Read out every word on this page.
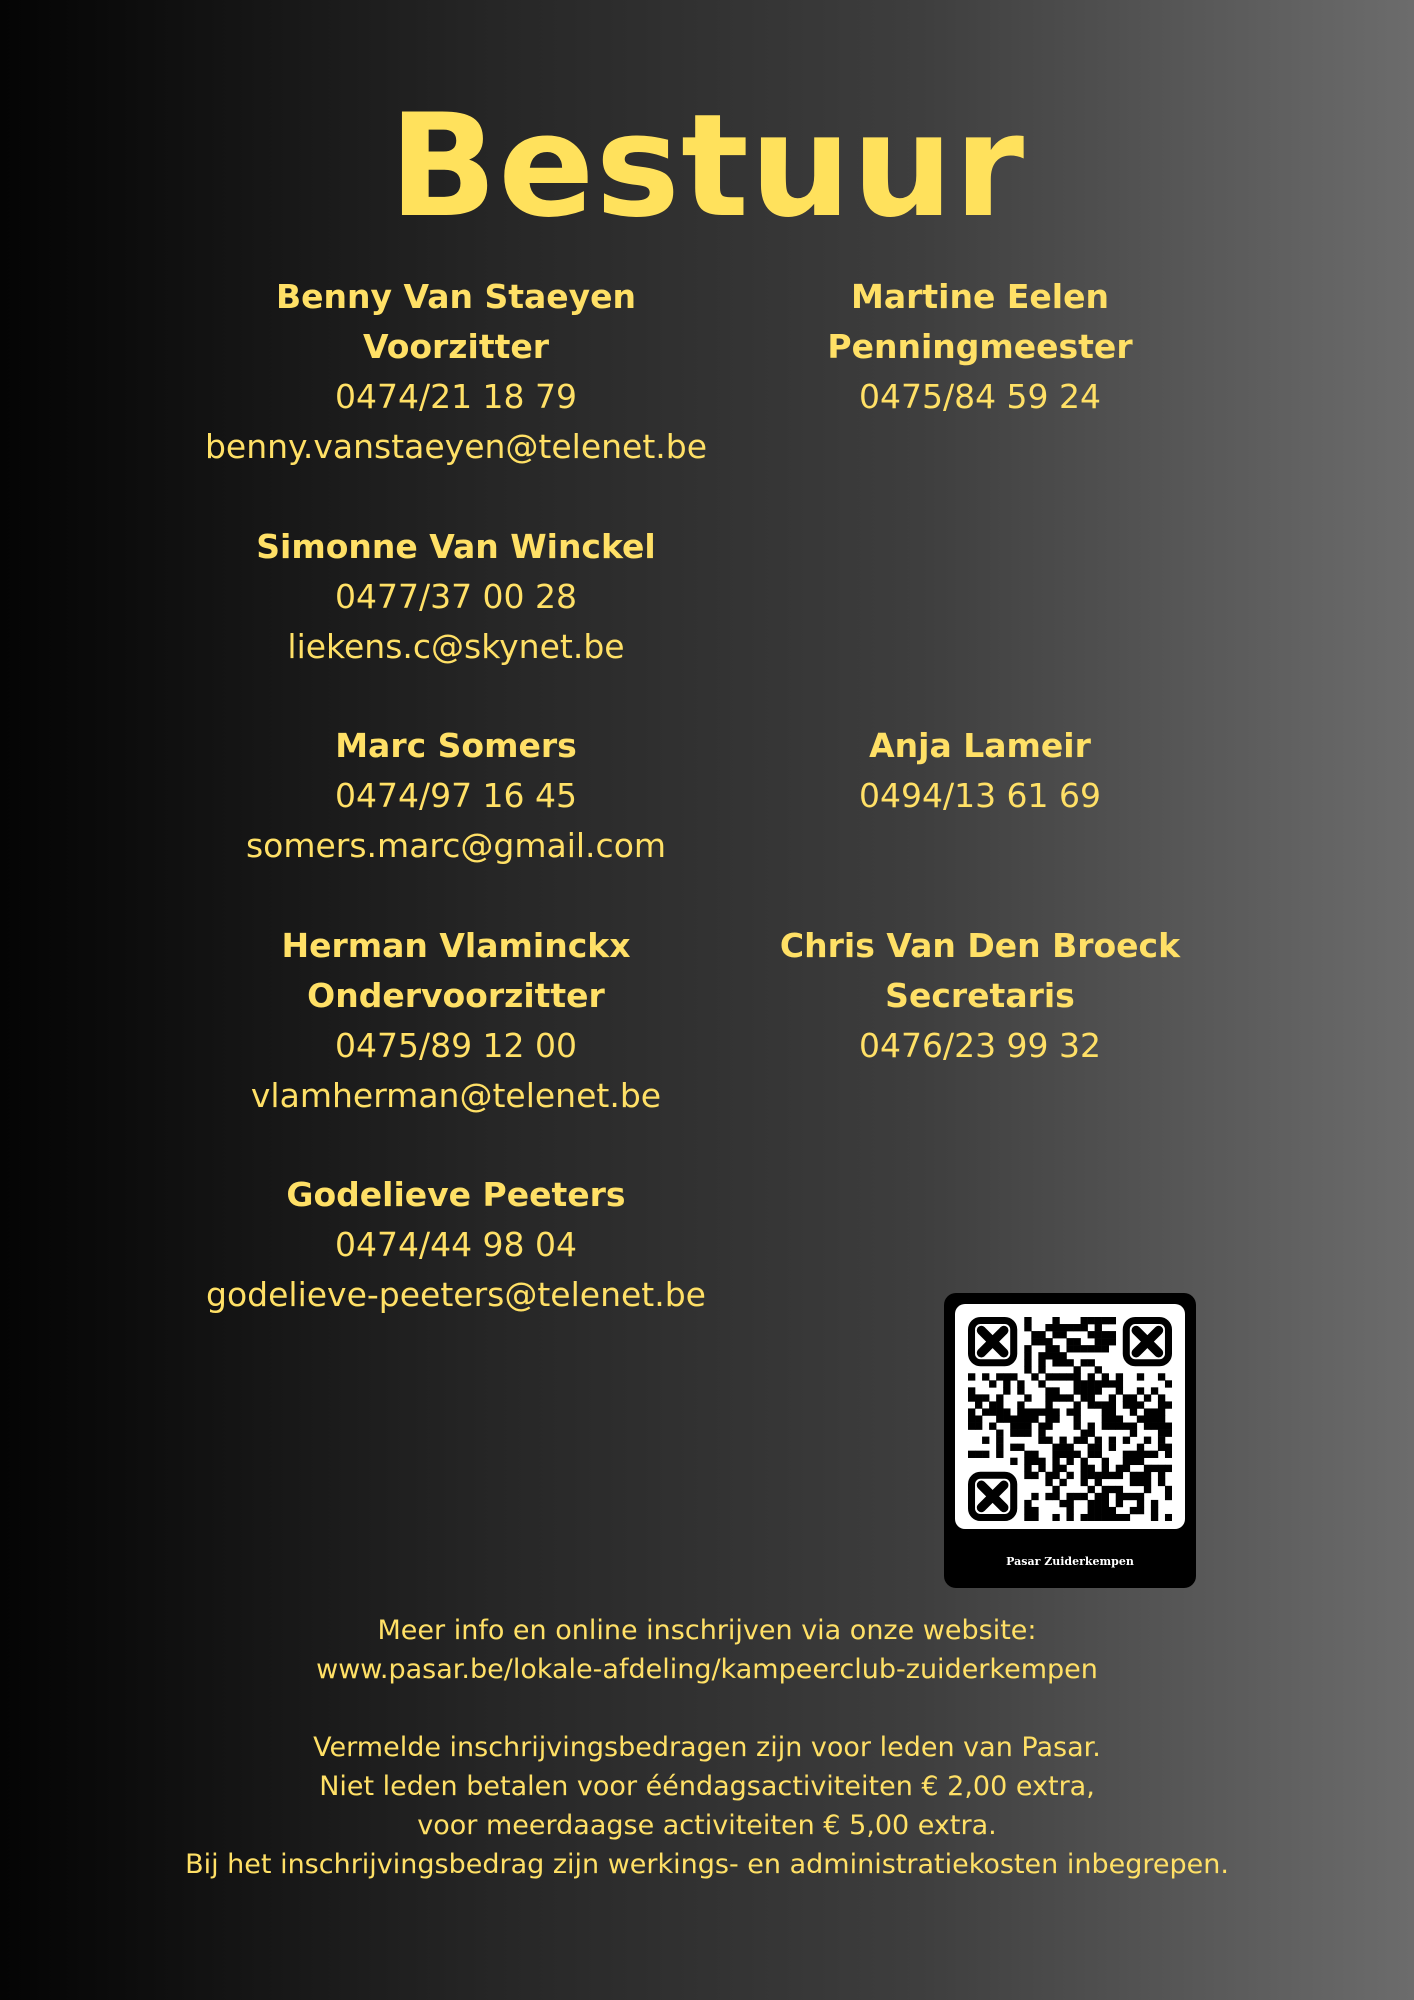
Bestuur
Benny Van Staeyen
Voorzitter
0474/21 18 79
benny.vanstaeyen@telenet.be
Martine Eelen
Penningmeester
0475/84 59 24
Simonne Van Winckel
0477/37 00 28
liekens.c@skynet.be
Marc Somers
0474/97 16 45
somers.marc@gmail.com
Anja Lameir
0494/13 61 69
Herman Vlaminckx
Ondervoorzitter
0475/89 12 00
vlamherman@telenet.be
Chris Van Den Broeck
Secretaris
0476/23 99 32
Godelieve Peeters
0474/44 98 04
godelieve-peeters@telenet.be
Pasar Zuiderkempen
Meer info en online inschrijven via onze website:
www.pasar.be/lokale-afdeling/kampeerclub-zuiderkempen
Vermelde inschrijvingsbedragen zijn voor leden van Pasar.
Niet leden betalen voor ééndagsactiviteiten € 2,00 extra,
voor meerdaagse activiteiten € 5,00 extra.
Bij het inschrijvingsbedrag zijn werkings- en administratiekosten inbegrepen.
